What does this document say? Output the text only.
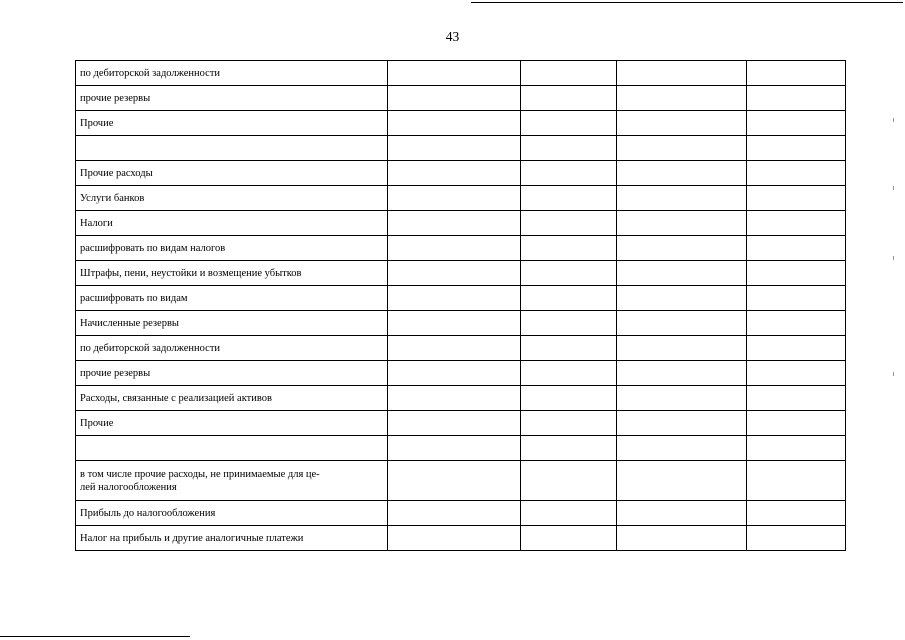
43
по дебиторской задолженности				
прочие резервы				
Прочие				

Прочие расходы				
Услуги банков				
Налоги				
расшифровать по видам налогов				
Штрафы, пени, неустойки и возмещение убытков				
расшифровать по видам				
Начисленные резервы				
по дебиторской задолженности				
прочие резервы				
Расходы, связанные с реализацией активов				
Прочие				

в том числе прочие расходы, не принимаемые для це-
лей налогообложения				
Прибыль до налогообложения				
Налог на прибыль и другие аналогичные платежи				
